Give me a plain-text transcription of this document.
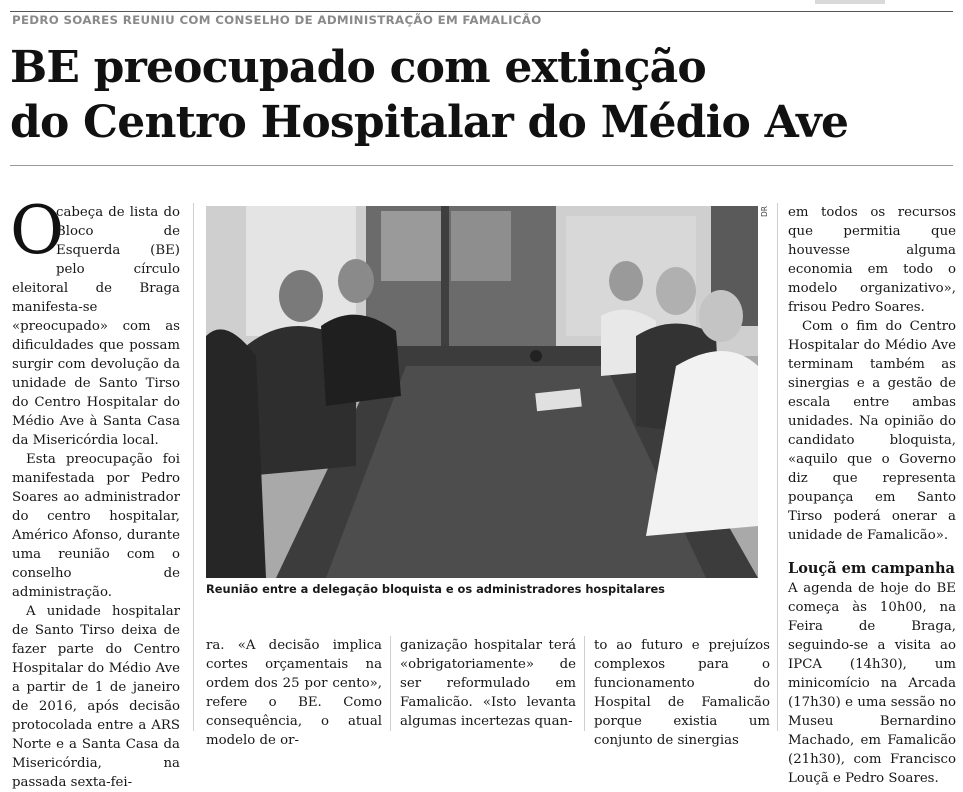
PEDRO SOARES REUNIU COM CONSELHO DE ADMINISTRAÇÃO EM FAMALICÃO
BE preocupado com extinção
do Centro Hospitalar do Médio Ave

O
cabeça de lista do Bloco de Esquerda (BE) pelo círculo eleitoral de Braga manifesta-se «preocupado» com as dificuldades que possam surgir com devolução da unidade de Santo Tirso do Centro Hospitalar do Médio Ave à Santa Casa da Misericórdia local.

Esta preocupação foi manifestada por Pedro Soares ao administrador do centro hospitalar, Américo Afonso, durante uma reunião com o conselho de administração.

A unidade hospitalar de Santo Tirso deixa de fazer parte do Centro Hospitalar do Médio Ave a partir de 1 de janeiro de 2016, após decisão protocolada entre a ARS Norte e a Santa Casa da Misericórdia, na passada sexta-fei-

DR
Reunião entre a delegação bloquista e os administradores hospitalares
ra. «A decisão implica cortes orçamentais na ordem dos 25 por cento», refere o BE. Como consequência, o atual modelo de or-
ganização hospitalar terá «obrigatoriamente» de ser reformulado em Famalicão. «Isto levanta algumas incertezas quan-
to ao futuro e prejuízos complexos para o funcionamento do Hospital de Famalicão porque existia um conjunto de sinergias

em todos os recursos que permitia que houvesse alguma economia em todo o modelo organizativo», frisou Pedro Soares.

Com o fim do Centro Hospitalar do Médio Ave terminam também as sinergias e a gestão de escala entre ambas unidades. Na opinião do candidato bloquista, «aquilo que o Governo diz que representa poupança em Santo Tirso poderá onerar a unidade de Famalicão».

Louçã em campanha

A agenda de hoje do BE começa às 10h00, na Feira de Braga, seguindo-se a visita ao IPCA (14h30), um minicomício na Arcada (17h30) e uma sessão no Museu Bernardino Machado, em Famalicão (21h30), com Francisco Louçã e Pedro Soares.
